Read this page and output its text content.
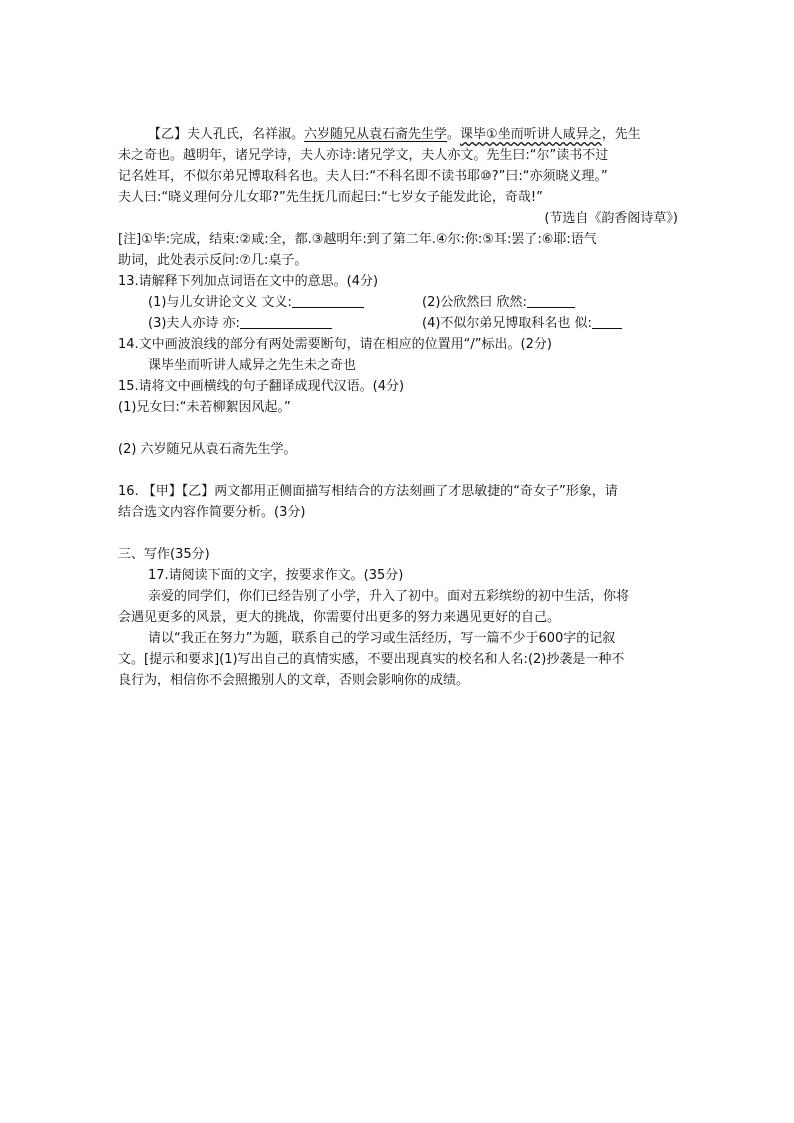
【乙】夫人孔氏，名祥淑。六岁随兄从袁石斋先生学。课毕①坐而听讲人咸异之，先生
未之奇也。越明年，诸兄学诗，夫人亦诗:诸兄学文，夫人亦文。先生曰:“尔”读书不过
记名姓耳，不似尔弟兄博取科名也。夫人曰:“不科名即不读书耶⑩?”曰:“亦须晓义理。”
夫人曰:“晓义理何分儿女耶?”先生抚几而起曰:“七岁女子能发此论，奇哉!”
(节选自《韵香阁诗草》)
[注]①毕:完成，结束:②咸:全，都.③越明年:到了第二年.④尔:你:⑤耳:罢了:⑥耶:语气
助词，此处表示反问:⑦几:桌子。
13.请解释下列加点词语在文中的意思。(4分)
(1)与儿女讲论文义 文义:	(2)公欣然曰 欣然:
(3)夫人亦诗 亦:	(4)不似尔弟兄博取科名也 似:
14.文中画波浪线的部分有两处需要断句，请在相应的位置用“/”标出。(2分)
课毕坐而听讲人咸异之先生未之奇也
15.请将文中画横线的句子翻译成现代汉语。(4分)
(1)兄女曰:“未若柳絮因风起。”
(2) 六岁随兄从袁石斋先生学。
16. 【甲】【乙】两文都用正侧面描写相结合的方法刻画了才思敏捷的“奇女子”形象，请
结合选文内容作简要分析。(3分)
三、写作(35分)
17.请阅读下面的文字，按要求作文。(35分)
亲爱的同学们，你们已经告别了小学，升入了初中。面对五彩缤纷的初中生活，你将
会遇见更多的风景，更大的挑战，你需要付出更多的努力来遇见更好的自己。
请以“我正在努力”为题，联系自己的学习或生活经历，写一篇不少于600字的记叙
文。[提示和要求](1)写出自己的真情实感，不要出现真实的校名和人名:(2)抄袭是一种不
良行为，相信你不会照搬别人的文章，否则会影响你的成绩。
